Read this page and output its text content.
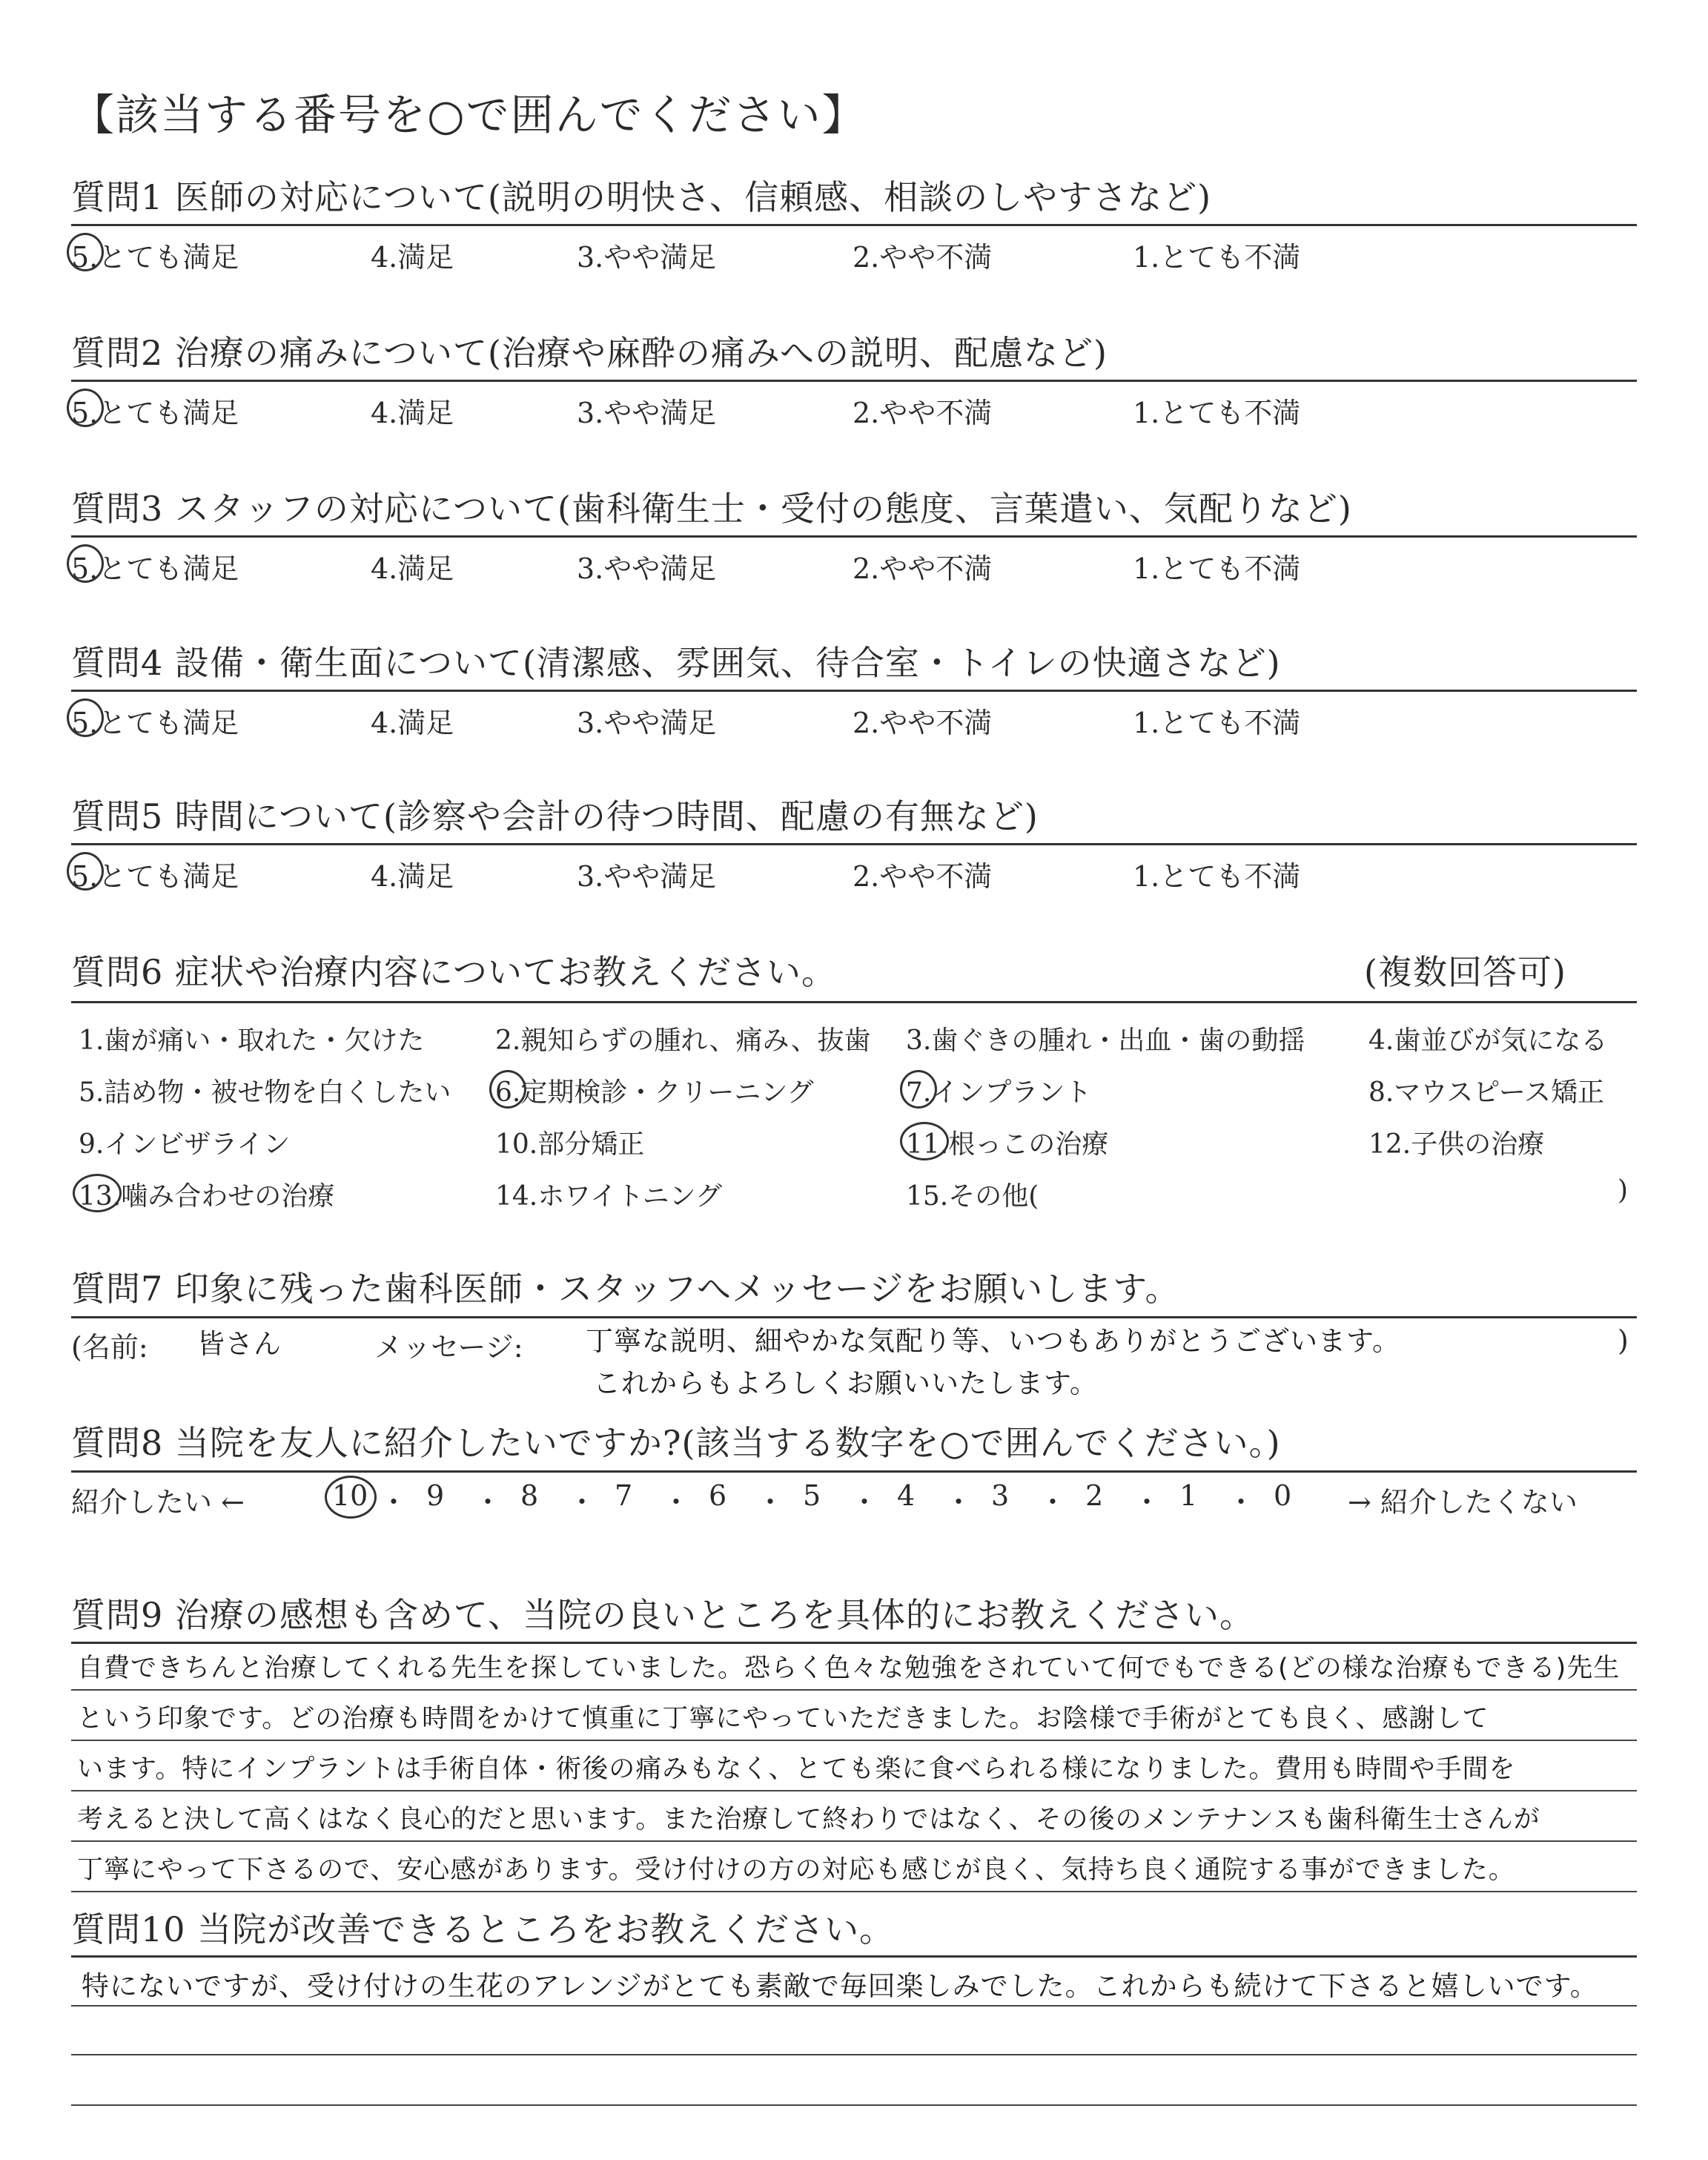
【該当する番号を○で囲んでください】
質問1 医師の対応について(説明の明快さ、信頼感、相談のしやすさなど)
5.とても満足	4.満足	3.やや満足	2.やや不満	1.とても不満
質問2 治療の痛みについて(治療や麻酔の痛みへの説明、配慮など)
5.とても満足	4.満足	3.やや満足	2.やや不満	1.とても不満
質問3 スタッフの対応について(歯科衛生士・受付の態度、言葉遣い、気配りなど)
5.とても満足	4.満足	3.やや満足	2.やや不満	1.とても不満
質問4 設備・衛生面について(清潔感、雰囲気、待合室・トイレの快適さなど)
5.とても満足	4.満足	3.やや満足	2.やや不満	1.とても不満
質問5 時間について(診察や会計の待つ時間、配慮の有無など)
5.とても満足	4.満足	3.やや満足	2.やや不満	1.とても不満
質問6 症状や治療内容についてお教えください。	(複数回答可)
1.歯が痛い・取れた・欠けた	2.親知らずの腫れ、痛み、抜歯 3.歯ぐきの腫れ・出血・歯の動揺 4.歯並びが気になる
5.詰め物・被せ物を白くしたい 6.定期検診・クリーニング	7.インプラント	8.マウスピース矯正
9.インビザライン	10.部分矯正	11.根っこの治療	12.子供の治療
13.噛み合わせの治療	14.ホワイトニング	15.その他(	)
質問7 印象に残った歯科医師・スタッフへメッセージをお願いします。
(名前: 皆さん	メッセージ: 丁寧な説明、細やかな気配り等、いつもありがとうございます。
これからもよろしくお願いいたします。
)
質問8 当院を友人に紹介したいですか?(該当する数字を○で囲んでください。)
紹介したい ←	→ 紹介したくない
10 ・ 9 ・ 8 ・ 7 ・ 6 ・ 5 ・ 4 ・ 3 ・ 2 ・ 1 ・ 0
質問9 治療の感想も含めて、当院の良いところを具体的にお教えください。
自費できちんと治療してくれる先生を探していました。恐らく色々な勉強をされていて何でもできる(どの様な治療もできる)先生
という印象です。どの治療も時間をかけて慎重に丁寧にやっていただきました。お陰様で手術がとても良く、感謝して
います。特にインプラントは手術自体・術後の痛みもなく、とても楽に食べられる様になりました。費用も時間や手間を
考えると決して高くはなく良心的だと思います。また治療して終わりではなく、その後のメンテナンスも歯科衛生士さんが
丁寧にやって下さるので、安心感があります。受け付けの方の対応も感じが良く、気持ち良く通院する事ができました。
質問10 当院が改善できるところをお教えください。
特にないですが、受け付けの生花のアレンジがとても素敵で毎回楽しみでした。これからも続けて下さると嬉しいです。
